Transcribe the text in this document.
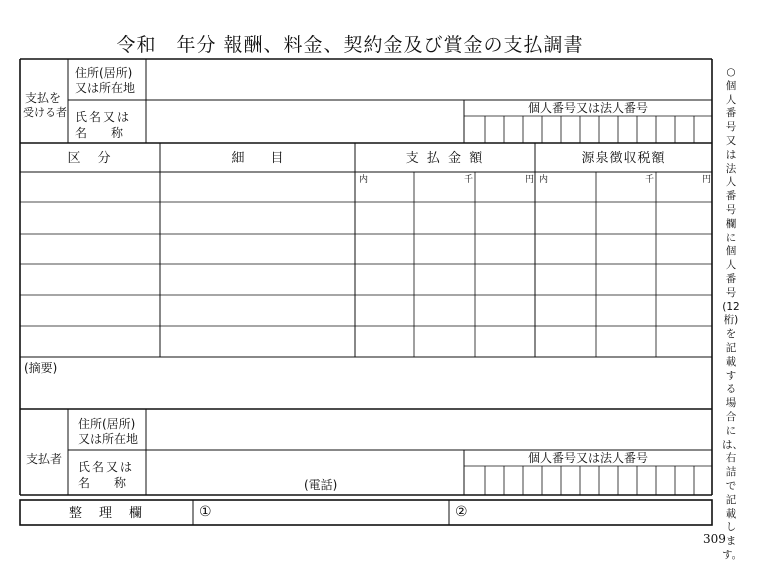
令和　年分 報酬、料金、契約金及び賞金の支払調書
支払を
受ける者
住所(居所)
又は所在地
氏名又は
名　　称
個人番号又は法人番号
区　分	細　　目	支 払 金 額	源泉徴収税額
内	千	円 内	千	円
(摘要)
支払者
住所(居所)
又は所在地
氏名又は
名　　称	(電話)
個人番号又は法人番号
整　理　欄	①	②
○個人番号又は法人番号欄に個人番号(12桁)を記載する場合には、右詰で記載します。
309
